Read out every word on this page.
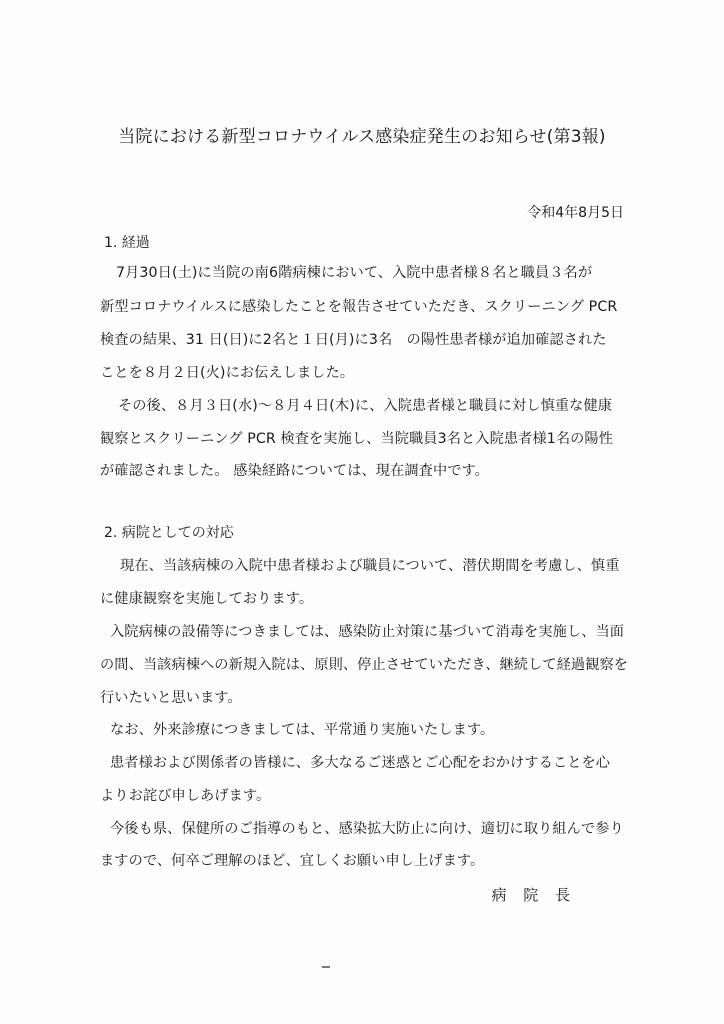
当院における新型コロナウイルス感染症発生のお知らせ(第3報)
令和4年8月5日
1. 経過
7月30日(土)に当院の南6階病棟において、入院中患者様８名と職員３名が
新型コロナウイルスに感染したことを報告させていただき、スクリーニング PCR
検査の結果、31 日(日)に2名と１日(月)に3名　の陽性患者様が追加確認された
ことを８月２日(火)にお伝えしました。
その後、８月３日(水)～８月４日(木)に、入院患者様と職員に対し慎重な健康
観察とスクリーニング PCR 検査を実施し、当院職員3名と入院患者様1名の陽性
が確認されました。 感染経路については、現在調査中です。
2. 病院としての対応
現在、当該病棟の入院中患者様および職員について、潜伏期間を考慮し、慎重
に健康観察を実施しております。
入院病棟の設備等につきましては、感染防止対策に基づいて消毒を実施し、当面
の間、当該病棟への新規入院は、原則、停止させていただき、継続して経過観察を
行いたいと思います。
なお、外来診療につきましては、平常通り実施いたします。
患者様および関係者の皆様に、多大なるご迷惑とご心配をおかけすることを心
よりお詫び申しあげます。
今後も県、保健所のご指導のもと、感染拡大防止に向け、適切に取り組んで参り
ますので、何卒ご理解のほど、宜しくお願い申し上げます。
病 院 長
